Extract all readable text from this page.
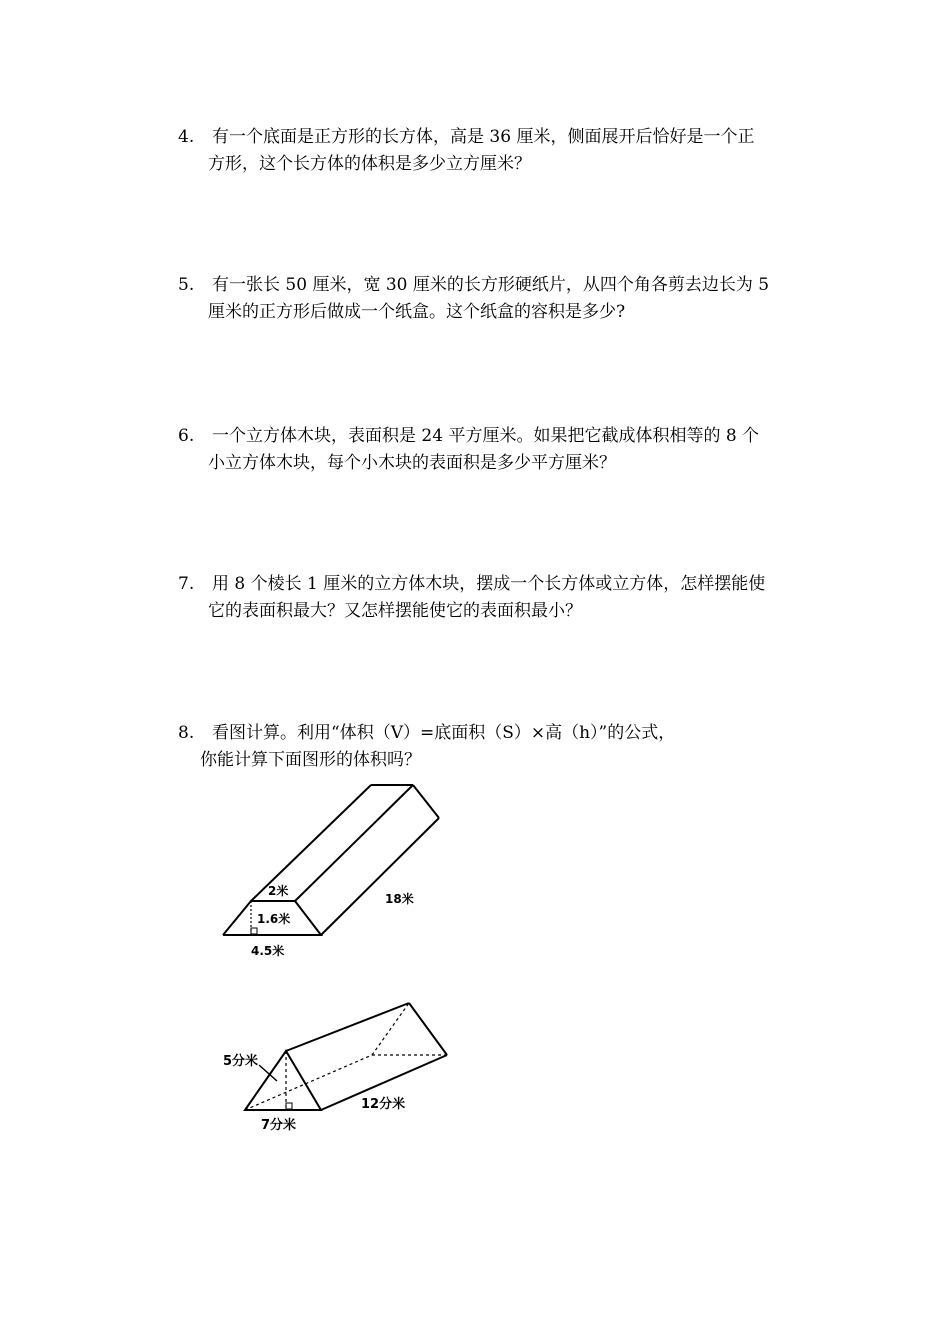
4. 有一个底面是正方形的长方体，高是 36 厘米，侧面展开后恰好是一个正
方形，这个长方体的体积是多少立方厘米？
5. 有一张长 50 厘米，宽 30 厘米的长方形硬纸片，从四个角各剪去边长为 5
厘米的正方形后做成一个纸盒。这个纸盒的容积是多少?
6. 一个立方体木块，表面积是 24 平方厘米。如果把它截成体积相等的 8 个
小立方体木块，每个小木块的表面积是多少平方厘米？
7. 用 8 个棱长 1 厘米的立方体木块，摆成一个长方体或立方体，怎样摆能使
它的表面积最大？又怎样摆能使它的表面积最小？
8. 看图计算。利用“体积（V）=底面积（S）×高（h）”的公式，
你能计算下面图形的体积吗？
2米
1.6米
4.5米
18米
5分米
7分米
12分米
